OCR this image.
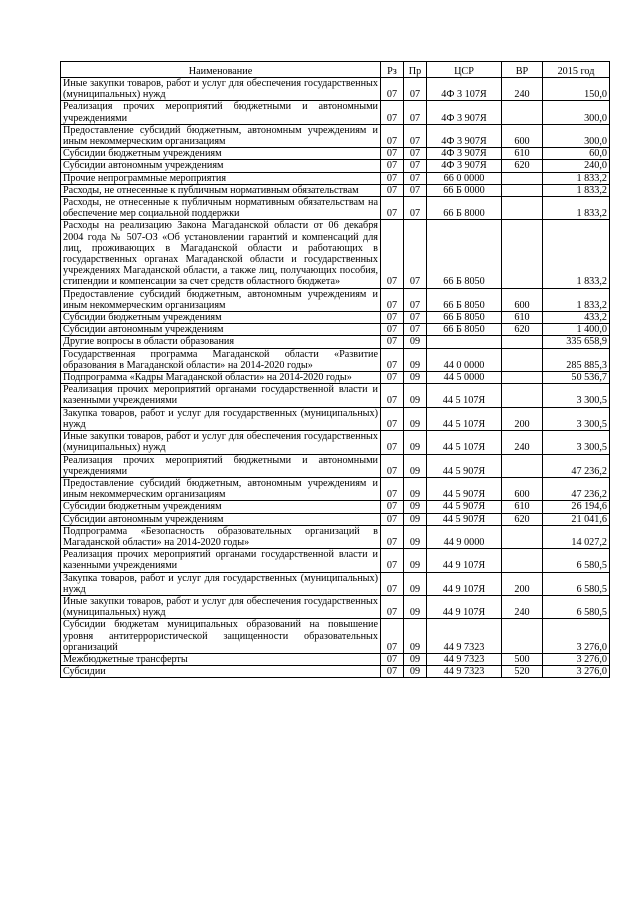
Наименование	Рз	Пр	ЦСР	ВР	2015 год
Иные закупки товаров, работ и услуг для обеспечения государственных (муниципальных) нужд	07	07	4Ф 3 107Я	240	150,0
Реализация прочих мероприятий бюджетными и автономными учреждениями	07	07	4Ф 3 907Я		300,0
Предоставление субсидий бюджетным, автономным учреждениям и иным некоммерческим организациям	07	07	4Ф 3 907Я	600	300,0
Субсидии бюджетным учреждениям	07	07	4Ф 3 907Я	610	60,0
Субсидии автономным учреждениям	07	07	4Ф 3 907Я	620	240,0
Прочие непрограммные мероприятия	07	07	66 0 0000		1 833,2
Расходы, не отнесенные к публичным нормативным обязательствам	07	07	66 Б 0000		1 833,2
Расходы, не отнесенные к публичным нормативным обязательствам на обеспечение мер социальной поддержки	07	07	66 Б 8000		1 833,2
Расходы на реализацию Закона Магаданской области от 06 декабря 2004 года № 507-ОЗ «Об установлении гарантий и компенсаций для лиц, проживающих в Магаданской области и работающих в государственных органах Магаданской области и государственных учреждениях Магаданской области, а также лиц, получающих пособия, стипендии и компенсации за счет средств областного бюджета»	07	07	66 Б 8050		1 833,2
Предоставление субсидий бюджетным, автономным учреждениям и иным некоммерческим организациям	07	07	66 Б 8050	600	1 833,2
Субсидии бюджетным учреждениям	07	07	66 Б 8050	610	433,2
Субсидии автономным учреждениям	07	07	66 Б 8050	620	1 400,0
Другие вопросы в области образования	07	09			335 658,9
Государственная программа Магаданской области «Развитие образования в Магаданской области» на 2014-2020 годы»	07	09	44 0 0000		285 885,3
Подпрограмма «Кадры Магаданской области» на 2014-2020 годы»	07	09	44 5 0000		50 536,7
Реализация прочих мероприятий органами государственной власти и казенными учреждениями	07	09	44 5 107Я		3 300,5
Закупка товаров, работ и услуг для государственных (муниципальных) нужд	07	09	44 5 107Я	200	3 300,5
Иные закупки товаров, работ и услуг для обеспечения государственных (муниципальных) нужд	07	09	44 5 107Я	240	3 300,5
Реализация прочих мероприятий бюджетными и автономными учреждениями	07	09	44 5 907Я		47 236,2
Предоставление субсидий бюджетным, автономным учреждениям и иным некоммерческим организациям	07	09	44 5 907Я	600	47 236,2
Субсидии бюджетным учреждениям	07	09	44 5 907Я	610	26 194,6
Субсидии автономным учреждениям	07	09	44 5 907Я	620	21 041,6
Подпрограмма «Безопасность образовательных организаций в Магаданской области» на 2014-2020 годы»	07	09	44 9 0000		14 027,2
Реализация прочих мероприятий органами государственной власти и казенными учреждениями	07	09	44 9 107Я		6 580,5
Закупка товаров, работ и услуг для государственных (муниципальных) нужд	07	09	44 9 107Я	200	6 580,5
Иные закупки товаров, работ и услуг для обеспечения государственных (муниципальных) нужд	07	09	44 9 107Я	240	6 580,5
Субсидии бюджетам муниципальных образований на повышение уровня антитеррористической защищенности образовательных организаций	07	09	44 9 7323		3 276,0
Межбюджетные трансферты	07	09	44 9 7323	500	3 276,0
Субсидии	07	09	44 9 7323	520	3 276,0
